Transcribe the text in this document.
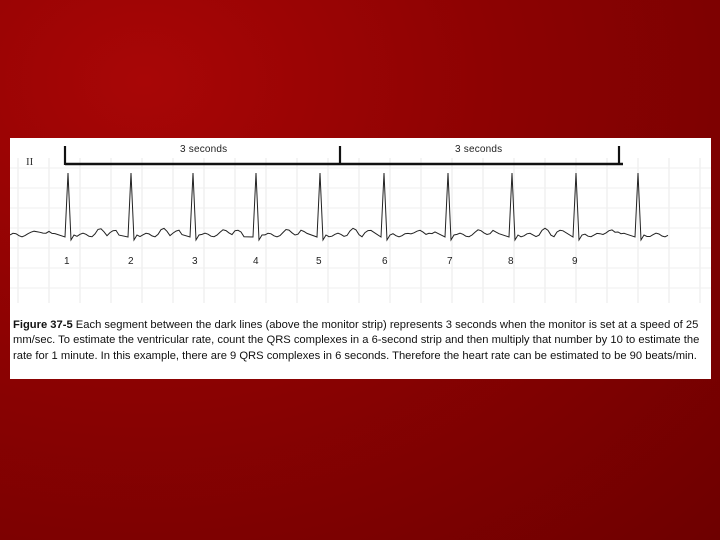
II
3 seconds	3 seconds
1	2	3	4	5	6	7	8	9
Figure 37-5 Each segment between the dark lines (above the monitor strip) represents 3 seconds when the monitor is set at a speed of 25 mm/sec. To estimate the ventricular rate, count the QRS complexes in a 6-second strip and then multiply that number by 10 to estimate the rate for 1 minute. In this example, there are 9 QRS complexes in 6 seconds. Therefore the heart rate can be estimated to be 90 beats/min.
